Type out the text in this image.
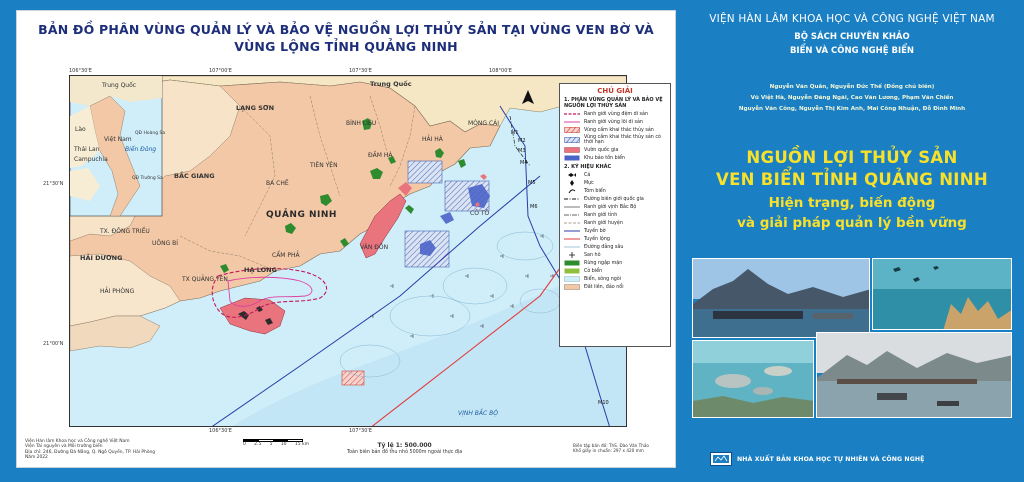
BẢN ĐỒ PHÂN VÙNG QUẢN LÝ VÀ BẢO VỆ NGUỒN LỢI THỦY SẢN TẠI VÙNG VEN BỜ VÀ
VÙNG LỘNG TỈNH QUẢNG NINH
106°30'E	107°00'E	107°30'E	108°00'E
106°30'E	107°30'E
21°30'N
21°00'N
M1
M2
M3
M4
M5
M6
M10
Trung Quốc
Lào
Thái Lan
Campuchia
Việt Nam
Biển Đông
QĐ Hoàng Sa
QĐ Trường Sa
Trung Quốc
LẠNG SƠN
BÌNH LIÊU	MÓNG CÁI
HẢI HÀ
ĐẦM HÀ
TIÊN YÊN
BA CHẼ
BẮC GIANG
QUẢNG NINH
TX. ĐÔNG TRIỀU
UÔNG BÍ
HẢI DƯƠNG
HẢI PHÒNG
TX QUẢNG YÊN
HẠ LONG
CẨM PHẢ
VÂN ĐỒN
CÔ TÔ
VỊNH BẮC BỘ
CHÚ GIẢI
1. PHÂN VÙNG QUẢN LÝ VÀ BẢO VỆ NGUỒN LỢI THỦY SẢN
Ranh giới vùng đệm di sản
Ranh giới vùng lõi di sản
Vùng cấm khai thác thủy sản
Vùng cấm khai thác thủy sản có thời hạn
Vườn quốc gia
Khu bảo tồn biển
2. KÝ HIỆU KHÁC
Cá
Mực
Tôm biển
Đường biên giới quốc gia
Ranh giới vịnh Bắc Bộ
Ranh giới tỉnh
Ranh giới huyện
Tuyến bờ
Tuyến lộng
Đường đẳng sâu
San hô
Rừng ngập mặn
Cỏ biển
Biển, sông ngòi
Đất liền, đảo nổi
Viện Hàn lâm Khoa học và Công nghệ Việt Nam
Viện Tài nguyên và Môi trường biển
Địa chỉ: 246, Đường Đà Nẵng, Q. Ngô Quyền, TP. Hải Phòng
Năm 2022
0 2.5 5 10 15 km	Tỷ lệ 1: 500.000
Toàn biên bản đồ thu nhỏ 5000m ngoài thực địa
Biên tập bản đồ: ThS. Đào Văn Thảo
Khổ giấy in chuẩn: 297 x 420 mm
VIỆN HÀN LÂM KHOA HỌC VÀ CÔNG NGHỆ VIỆT NAM
BỘ SÁCH CHUYÊN KHẢO
BIỂN VÀ CÔNG NGHỆ BIỂN
Nguyễn Văn Quân, Nguyễn Đức Thế (Đồng chủ biên)
Vũ Việt Hà, Nguyễn Đăng Ngãi, Cao Văn Lương, Phạm Văn Chiến
Nguyễn Văn Công, Nguyễn Thị Kim Anh, Mai Công Nhuận, Đỗ Đình Minh
NGUỒN LỢI THỦY SẢN
VEN BIỂN TỈNH QUẢNG NINH
Hiện trạng, biến động
và giải pháp quản lý bền vững
NHÀ XUẤT BẢN KHOA HỌC TỰ NHIÊN VÀ CÔNG NGHỆ
